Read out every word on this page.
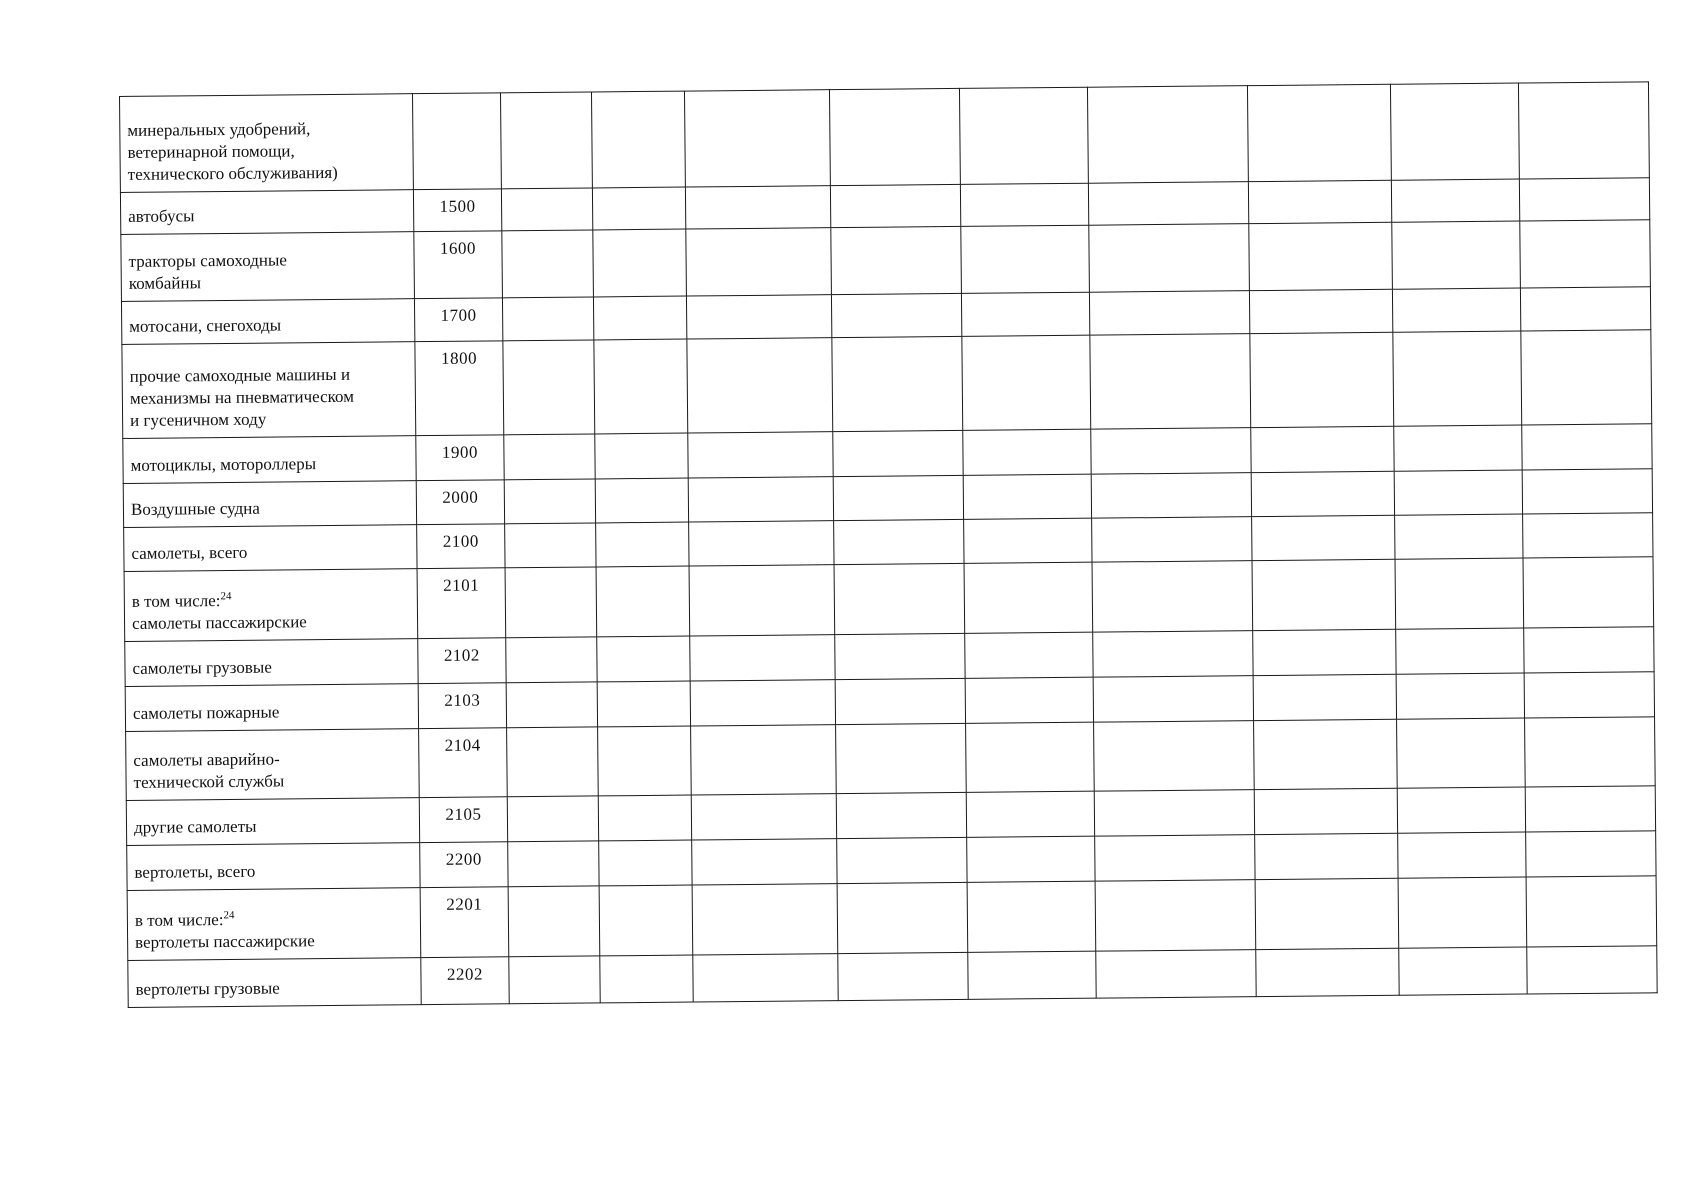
минеральных удобрений,
ветеринарной помощи,
технического обслуживания)										

автобусы	1500									

тракторы самоходные
комбайны	1600									

мотосани, снегоходы	1700									

прочие самоходные машины и
механизмы на пневматическом
и гусеничном ходу	1800									

мотоциклы, мотороллеры	1900									

Воздушные судна	2000									

самолеты, всего	2100									

в том числе:$^{24}$
самолеты пассажирские	2101									

самолеты грузовые	2102									

самолеты пожарные	2103									

самолеты аварийно-
технической службы	2104									

другие самолеты	2105									

вертолеты, всего	2200									

в том числе:$^{24}$
вертолеты пассажирские	2201									

вертолеты грузовые	2202									
